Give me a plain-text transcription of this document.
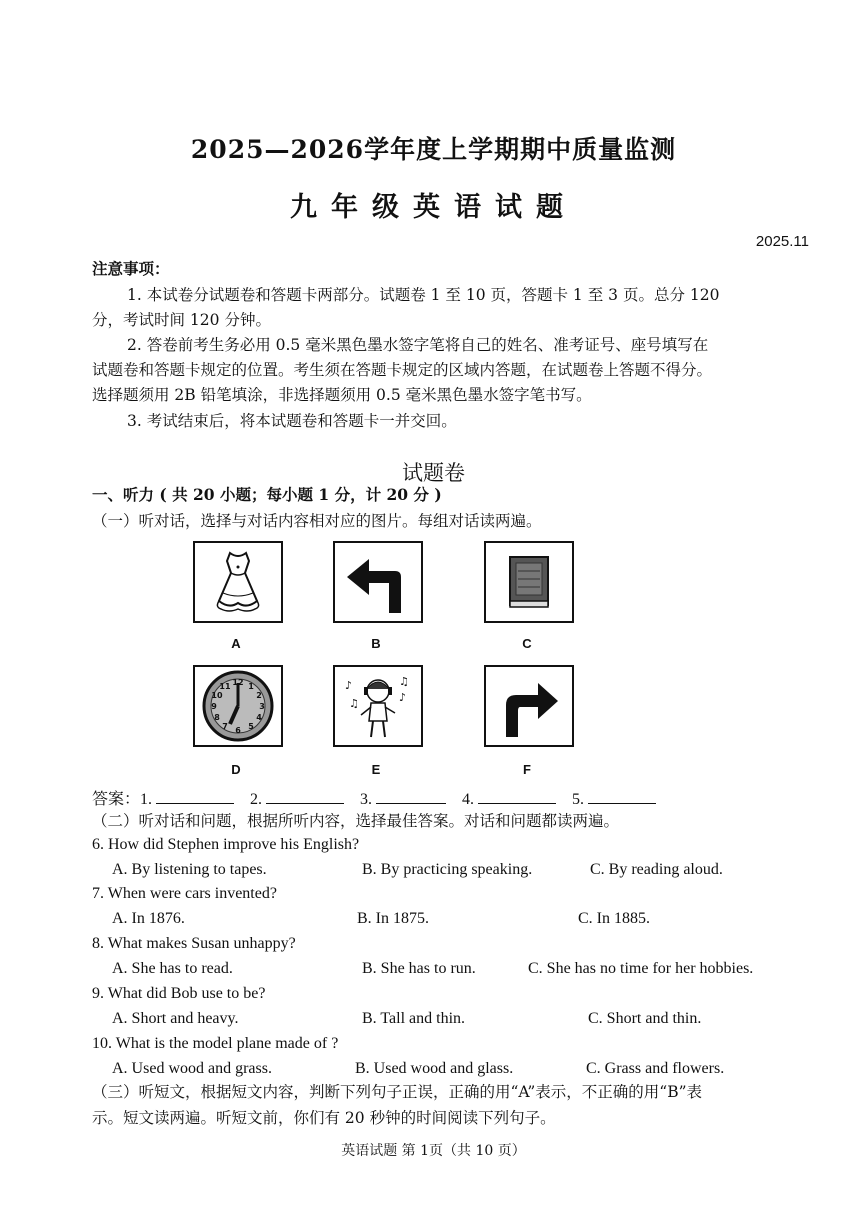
2025—2026学年度上学期期中质量监测
九年级英语试题
2025.11
注意事项：
1. 本试卷分试题卷和答题卡两部分。试题卷 1 至 10 页，答题卡 1 至 3 页。总分 120
分，考试时间 120 分钟。
2. 答卷前考生务必用 0.5 毫米黑色墨水签字笔将自己的姓名、准考证号、座号填写在
试题卷和答题卡规定的位置。考生须在答题卡规定的区域内答题，在试题卷上答题不得分。
选择题须用 2B 铅笔填涂，非选择题须用 0.5 毫米黑色墨水签字笔书写。
3. 考试结束后，将本试题卷和答题卡一并交回。
试题卷
一、听力 ( 共 20 小题；每小题 1 分，计 20 分 )
（一）听对话，选择与对话内容相对应的图片。每组对话读两遍。
A	B	C
12 1
2
3
4
5
6
7
8
9
10
11
D
♪	♫
♫	♪
E	F
答案：1.	2.	3.	4.	5.
（二）听对话和问题，根据所听内容，选择最佳答案。对话和问题都读两遍。
6. How did Stephen improve his English?
A. By listening to tapes.	B. By practicing speaking.	C. By reading aloud.
7. When were cars invented?
A. In 1876.	B. In 1875.	C. In 1885.
8. What makes Susan unhappy?
A. She has to read.	B. She has to run.	C. She has no time for her hobbies.
9. What did Bob use to be?
A. Short and heavy.	B. Tall and thin.	C. Short and thin.
10. What is the model plane made of ?
A. Used wood and grass.	B. Used wood and glass.	C. Grass and flowers.
（三）听短文，根据短文内容，判断下列句子正误，正确的用“A”表示，不正确的用“B”表
示。短文读两遍。听短文前，你们有 20 秒钟的时间阅读下列句子。
英语试题 第 1页（共 10 页）
